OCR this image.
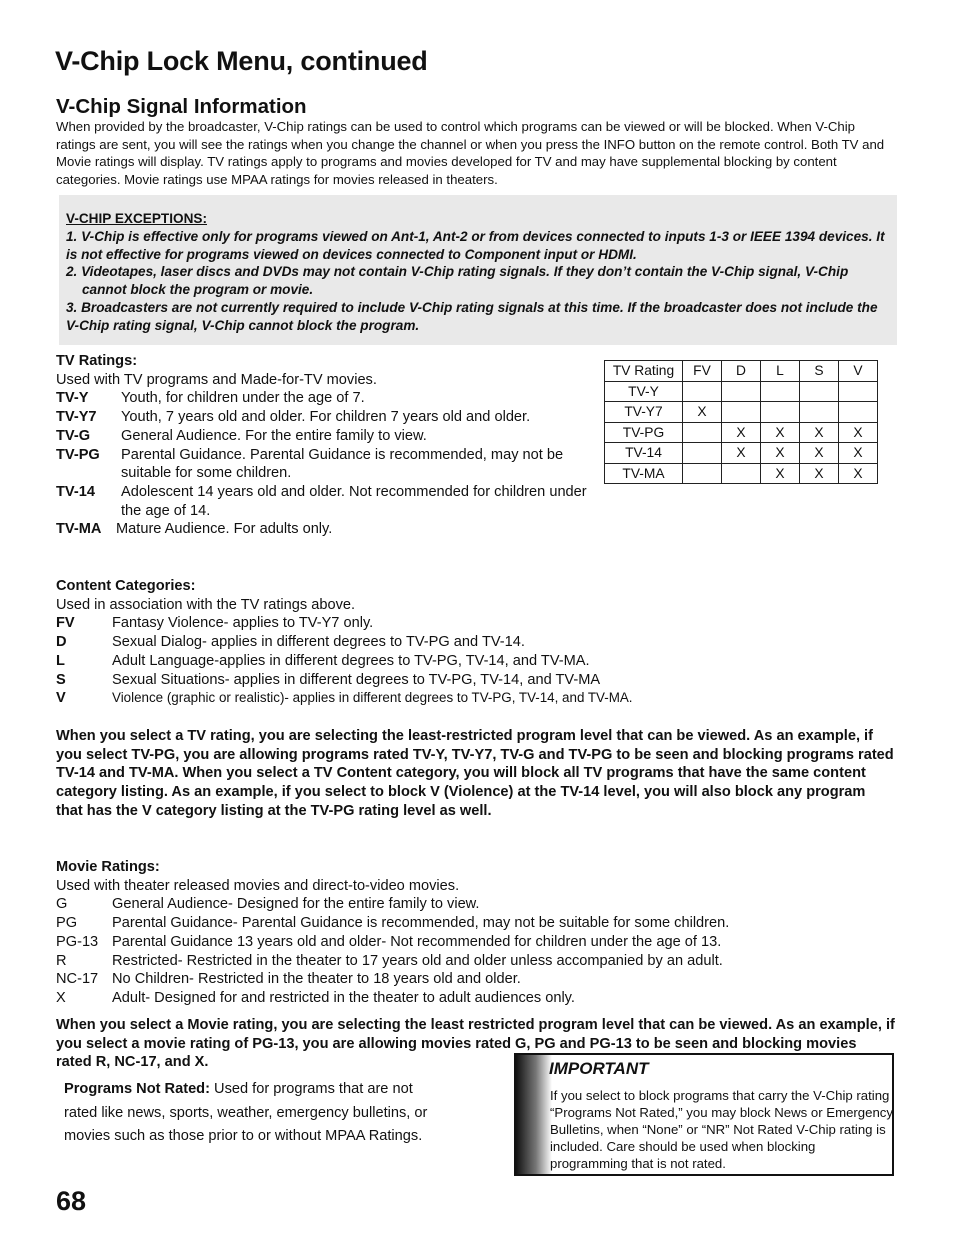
V-Chip Lock Menu, continued
V-Chip Signal Information
When provided by the broadcaster, V-Chip ratings can be used to control which programs can be viewed or will be blocked. When V-Chip ratings are sent, you will see the ratings when you change the channel or when you press the INFO button on the remote control. Both TV and Movie ratings will display. TV ratings apply to programs and movies developed for TV and may have supplemental blocking by content categories. Movie ratings use MPAA ratings for movies released in theaters.
V-CHIP EXCEPTIONS:
1. V-Chip is effective only for programs viewed on Ant-1, Ant-2 or from devices connected to inputs 1-3 or IEEE 1394 devices. It is not effective for programs viewed on devices connected to Component input or HDMI.
2. Videotapes, laser discs and DVDs may not contain V-Chip rating signals. If they don’t contain the V-Chip signal, V-Chip cannot block the program or movie.
3. Broadcasters are not currently required to include V-Chip rating signals at this time. If the broadcaster does not include the V-Chip rating signal, V-Chip cannot block the program.
TV Ratings:
Used with TV programs and Made-for-TV movies.
TV-Y	Youth, for children under the age of 7.
TV-Y7	Youth, 7 years old and older. For children 7 years old and older.
TV-G	General Audience. For the entire family to view.
TV-PG	Parental Guidance. Parental Guidance is recommended, may not be suitable for some children.
TV-14	Adolescent 14 years old and older. Not recommended for children under the age of 14.
TV-MA Mature Audience. For adults only.
TV Rating	FV	D	L	S	V
TV-Y					
TV-Y7	X				
TV-PG		X	X	X	X
TV-14		X	X	X	X
TV-MA			X	X	X
Content Categories:
Used in association with the TV ratings above.
FV	Fantasy Violence- applies to TV-Y7 only.
D	Sexual Dialog- applies in different degrees to TV-PG and TV-14.
L	Adult Language-applies in different degrees to TV-PG, TV-14, and TV-MA.
S	Sexual Situations- applies in different degrees to TV-PG, TV-14, and TV-MA
V	Violence (graphic or realistic)- applies in different degrees to TV-PG, TV-14, and TV-MA.
When you select a TV rating, you are selecting the least-restricted program level that can be viewed. As an example, if you select TV-PG, you are allowing programs rated TV-Y, TV-Y7, TV-G and TV-PG to be seen and blocking programs rated TV-14 and TV-MA. When you select a TV Content category, you will block all TV programs that have the same content category listing. As an example, if you select to block V (Violence) at the TV-14 level, you will also block any program that has the V category listing at the TV-PG rating level as well.
Movie Ratings:
Used with theater released movies and direct-to-video movies.
G	General Audience- Designed for the entire family to view.
PG	Parental Guidance- Parental Guidance is recommended, may not be suitable for some children.
PG-13 Parental Guidance 13 years old and older- Not recommended for children under the age of 13.
R	Restricted- Restricted in the theater to 17 years old and older unless accompanied by an adult.
NC-17 No Children- Restricted in the theater to 18 years old and older.
X	Adult- Designed for and restricted in the theater to adult audiences only.
When you select a Movie rating, you are selecting the least restricted program level that can be viewed. As an example, if you select a movie rating of PG-13, you are allowing movies rated G, PG and PG-13 to be seen and blocking movies rated R, NC-17, and X.
Programs Not Rated: Used for programs that are not rated like news, sports, weather, emergency bulletins, or movies such as those prior to or without MPAA Ratings.
IMPORTANT
If you select to block programs that carry the V-Chip rating “Programs Not Rated,” you may block News or Emergency Bulletins, when “None” or “NR” Not Rated V-Chip rating is included. Care should be used when blocking programming that is not rated.
68
